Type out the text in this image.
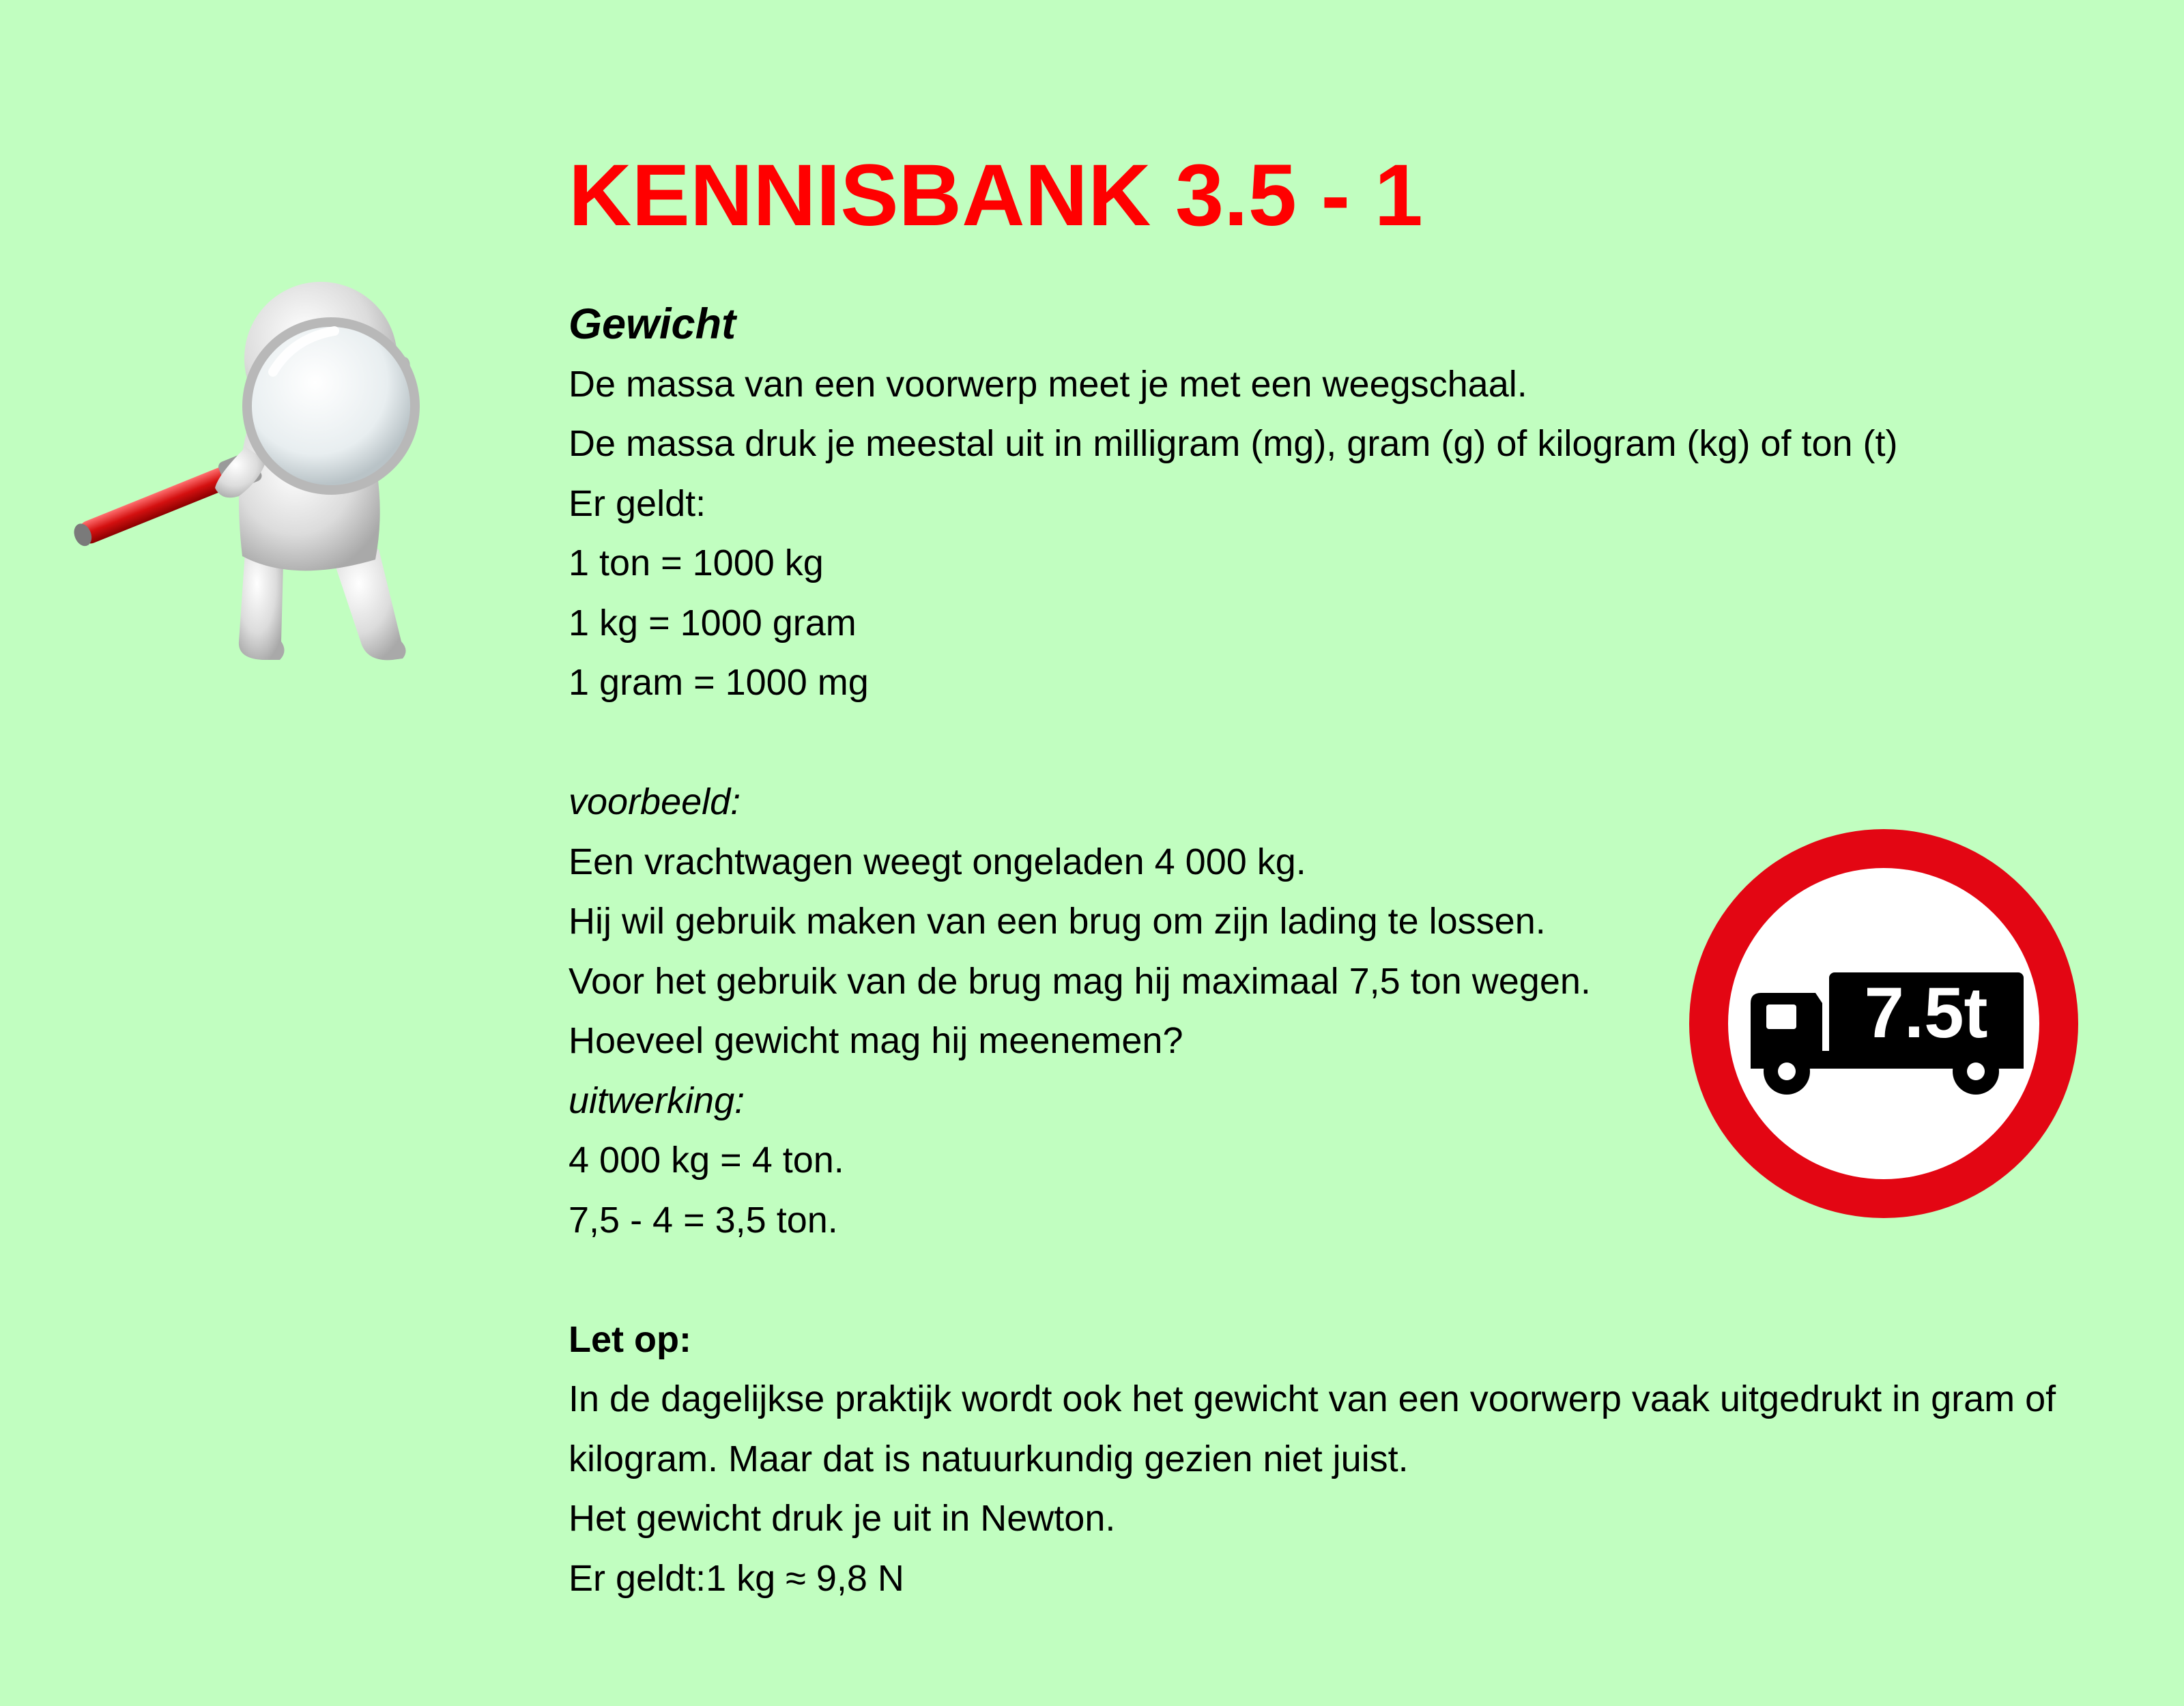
KENNISBANK 3.5 - 1
Gewicht
De massa van een voorwerp meet je met een weegschaal.
De massa druk je meestal uit in milligram (mg), gram (g) of kilogram (kg) of ton (t)
Er geldt:
1 ton = 1000 kg
1 kg = 1000 gram
1 gram = 1000 mg
voorbeeld:
Een vrachtwagen weegt ongeladen 4 000 kg.
Hij wil gebruik maken van een brug om zijn lading te lossen.
Voor het gebruik van de brug mag hij maximaal 7,5 ton wegen.
Hoeveel gewicht mag hij meenemen?
uitwerking:
4 000 kg = 4 ton.
7,5 - 4 = 3,5 ton.
Let op:
In de dagelijkse praktijk wordt ook het gewicht van een voorwerp vaak uitgedrukt in gram of kilogram. Maar dat is natuurkundig gezien niet juist.
Het gewicht druk je uit in Newton.
Er geldt:1 kg ≈ 9,8 N
7.5t
